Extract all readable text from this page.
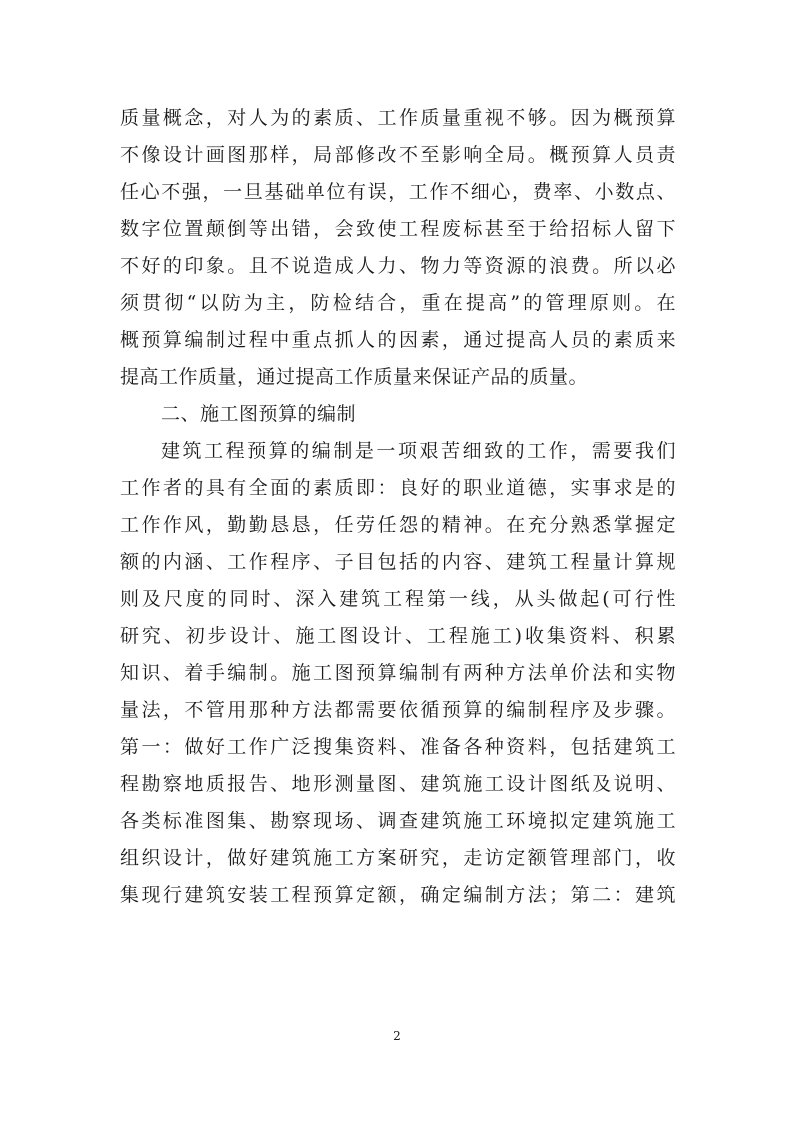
质量概念，对人为的素质、工作质量重视不够。因为概预算
不像设计画图那样，局部修改不至影响全局。概预算人员责
任心不强，一旦基础单位有误，工作不细心，费率、小数点、
数字位置颠倒等出错，会致使工程废标甚至于给招标人留下
不好的印象。且不说造成人力、物力等资源的浪费。所以必
须贯彻“以防为主，防检结合，重在提高”的管理原则。在
概预算编制过程中重点抓人的因素，通过提高人员的素质来
提高工作质量，通过提高工作质量来保证产品的质量。
二、施工图预算的编制
建筑工程预算的编制是一项艰苦细致的工作，需要我们
工作者的具有全面的素质即：良好的职业道德，实事求是的
工作作风，勤勤恳恳，任劳任怨的精神。在充分熟悉掌握定
额的内涵、工作程序、子目包括的内容、建筑工程量计算规
则及尺度的同时、深入建筑工程第一线，从头做起(可行性
研究、初步设计、施工图设计、工程施工)收集资料、积累
知识、着手编制。施工图预算编制有两种方法单价法和实物
量法，不管用那种方法都需要依循预算的编制程序及步骤。
第一：做好工作广泛搜集资料、准备各种资料，包括建筑工
程勘察地质报告、地形测量图、建筑施工设计图纸及说明、
各类标准图集、勘察现场、调查建筑施工环境拟定建筑施工
组织设计，做好建筑施工方案研究，走访定额管理部门，收
集现行建筑安装工程预算定额，确定编制方法；第二：建筑
2
